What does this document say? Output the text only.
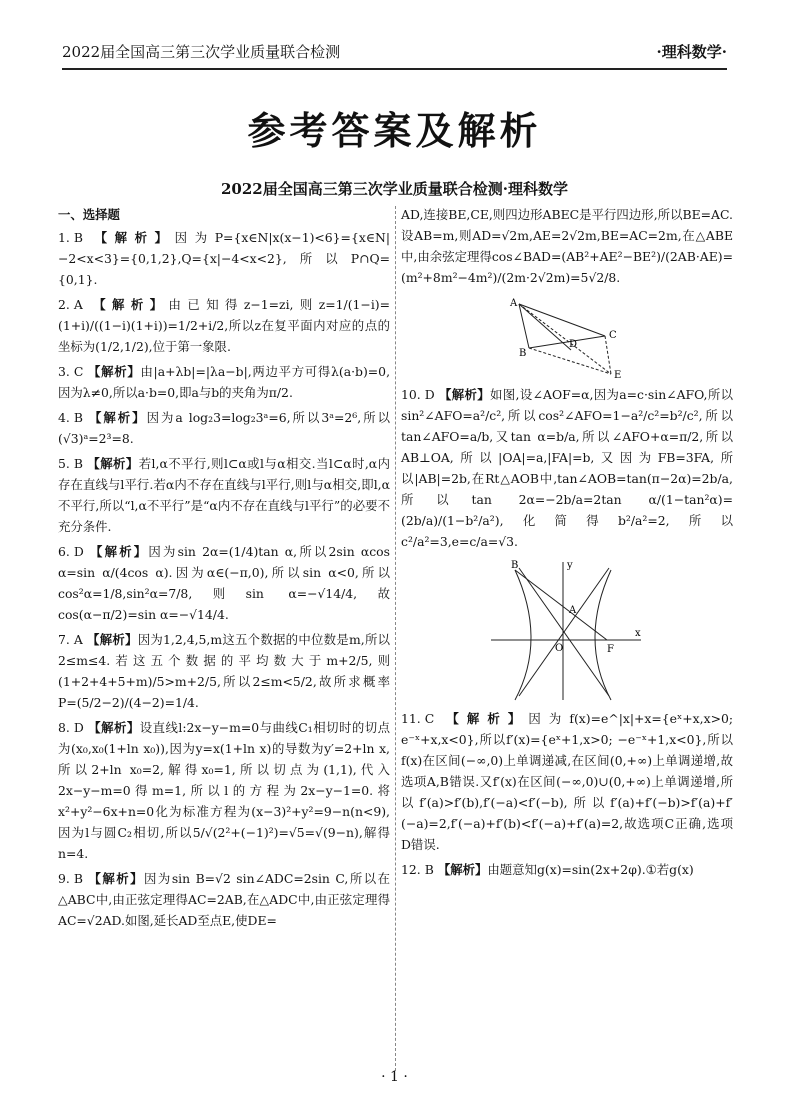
2022届全国高三第三次学业质量联合检测	·理科数学·
参考答案及解析
2022届全国高三第三次学业质量联合检测·理科数学
一、选择题
1. B 【解析】因为P={x∈N|x(x−1)<6}={x∈N|−2<x<3}={0,1,2},Q={x|−4<x<2},所以P∩Q={0,1}.
2. A 【解析】由已知得z−1=zi,则z=1/(1−i)=(1+i)/((1−i)(1+i))=1/2+i/2,所以z在复平面内对应的点的坐标为(1/2,1/2),位于第一象限.
3. C 【解析】由|a+λb|=|λa−b|,两边平方可得λ(a·b)=0,因为λ≠0,所以a·b=0,即a与b的夹角为π/2.
4. B 【解析】因为a log₂3=log₂3ᵃ=6,所以3ᵃ=2⁶,所以(√3)ᵃ=2³=8.
5. B 【解析】若l,α不平行,则l⊂α或l与α相交.当l⊂α时,α内存在直线与l平行.若α内不存在直线与l平行,则l与α相交,即l,α不平行,所以“l,α不平行”是“α内不存在直线与l平行”的必要不充分条件.
6. D 【解析】因为sin 2α=(1/4)tan α,所以2sin αcos α=sin α/(4cos α).因为α∈(−π,0),所以sin α<0,所以cos²α=1/8,sin²α=7/8,则sin α=−√14/4,故cos(α−π/2)=sin α=−√14/4.
7. A 【解析】因为1,2,4,5,m这五个数据的中位数是m,所以2≤m≤4.若这五个数据的平均数大于m+2/5,则(1+2+4+5+m)/5>m+2/5,所以2≤m<5/2,故所求概率P=(5/2−2)/(4−2)=1/4.
8. D 【解析】设直线l:2x−y−m=0与曲线C₁相切时的切点为(x₀,x₀(1+ln x₀)),因为y=x(1+ln x)的导数为y′=2+ln x,所以2+ln x₀=2,解得x₀=1,所以切点为(1,1),代入2x−y−m=0得m=1,所以l的方程为2x−y−1=0.将x²+y²−6x+n=0化为标准方程为(x−3)²+y²=9−n(n<9),因为l与圆C₂相切,所以5/√(2²+(−1)²)=√5=√(9−n),解得n=4.
9. B 【解析】因为sin B=√2 sin∠ADC=2sin C,所以在△ABC中,由正弦定理得AC=2AB,在△ADC中,由正弦定理得AC=√2AD.如图,延长AD至点E,使DE=
AD,连接BE,CE,则四边形ABEC是平行四边形,所以BE=AC.设AB=m,则AD=√2m,AE=2√2m,BE=AC=2m,在△ABE中,由余弦定理得cos∠BAD=(AB²+AE²−BE²)/(2AB·AE)=(m²+8m²−4m²)/(2m·2√2m)=5√2/8.
A
B
D
C
E
10. D 【解析】如图,设∠AOF=α,因为a=c·sin∠AFO,所以sin²∠AFO=a²/c²,所以cos²∠AFO=1−a²/c²=b²/c²,所以tan∠AFO=a/b,又tan α=b/a,所以∠AFO+α=π/2,所以AB⊥OA,所以|OA|=a,|FA|=b,又因为FB=3FA,所以|AB|=2b,在Rt△AOB中,tan∠AOB=tan(π−2α)=2b/a,所以tan 2α=−2b/a=2tan α/(1−tan²α)=(2b/a)/(1−b²/a²),化简得b²/a²=2,所以c²/a²=3,e=c/a=√3.
B	y
x
O
A
F
11. C 【解析】因为f(x)=e^|x|+x={eˣ+x,x>0; e⁻ˣ+x,x<0},所以f′(x)={eˣ+1,x>0; −e⁻ˣ+1,x<0},所以f(x)在区间(−∞,0)上单调递减,在区间(0,+∞)上单调递增,故选项A,B错误.又f′(x)在区间(−∞,0)∪(0,+∞)上单调递增,所以f′(a)>f′(b),f′(−a)<f′(−b),所以f′(a)+f′(−b)>f′(a)+f′(−a)=2,f′(−a)+f′(b)<f′(−a)+f′(a)=2,故选项C正确,选项D错误.
12. B 【解析】由题意知g(x)=sin(2x+2φ).①若g(x)
· 1 ·
